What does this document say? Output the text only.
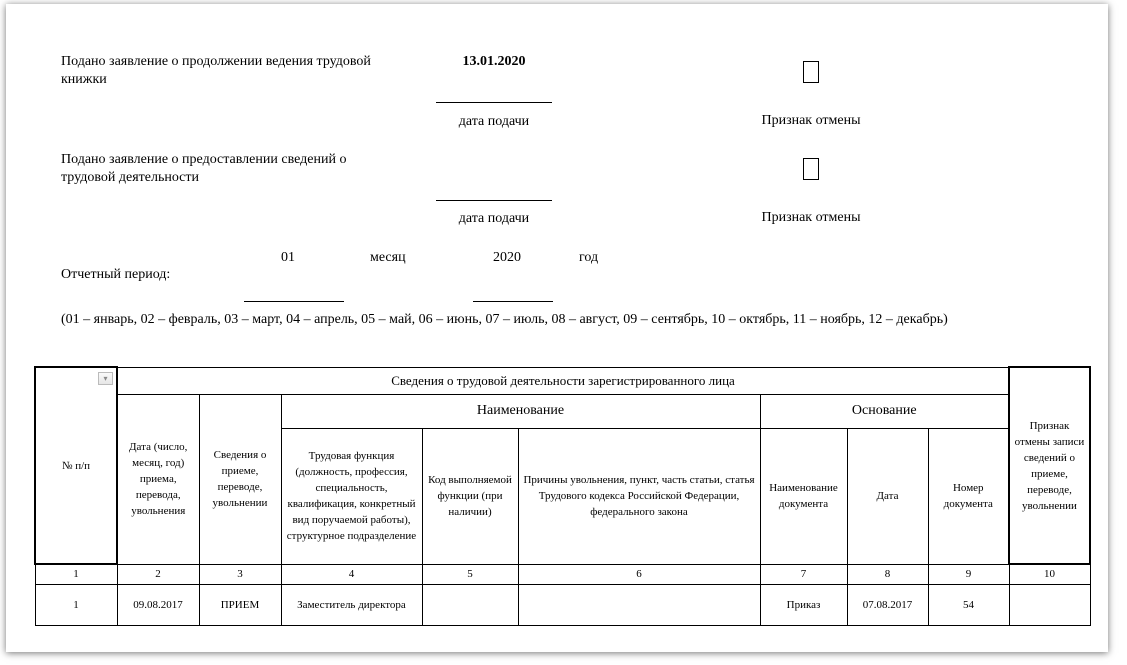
Подано заявление о продолжении ведения трудовой книжки
13.01.2020
дата подачи	Признак отмены
Подано заявление о предоставлении сведений о трудовой деятельности
дата подачи	Признак отмены
Отчетный период:
01	месяц	2020	год
(01 – январь, 02 – февраль, 03 – март, 04 – апрель, 05 – май, 06 – июнь, 07 – июль, 08 – август, 09 – сентябрь, 10 – октябрь, 11 – ноябрь, 12 – декабрь)
▾
№ п/п	Сведения о трудовой деятельности зарегистрированного лица								Признак отмены записи сведений о приеме, переводе, увольнении
	Дата (число, месяц, год) приема, перевода, увольнения	Сведения о приеме, переводе, увольнении	Наименование			Основание			
			Трудовая функция (должность, профессия, специальность, квалификация, конкретный вид поручаемой работы), структурное подразделение	Код выполняемой функции (при наличии)	Причины увольнения, пункт, часть статьи, статья Трудового кодекса Российской Федерации, федерального закона	Наименование документа	Дата	Номер документа	
1	2	3	4	5	6	7	8	9	10
1	09.08.2017	ПРИЕМ	Заместитель директора			Приказ	07.08.2017	54	
